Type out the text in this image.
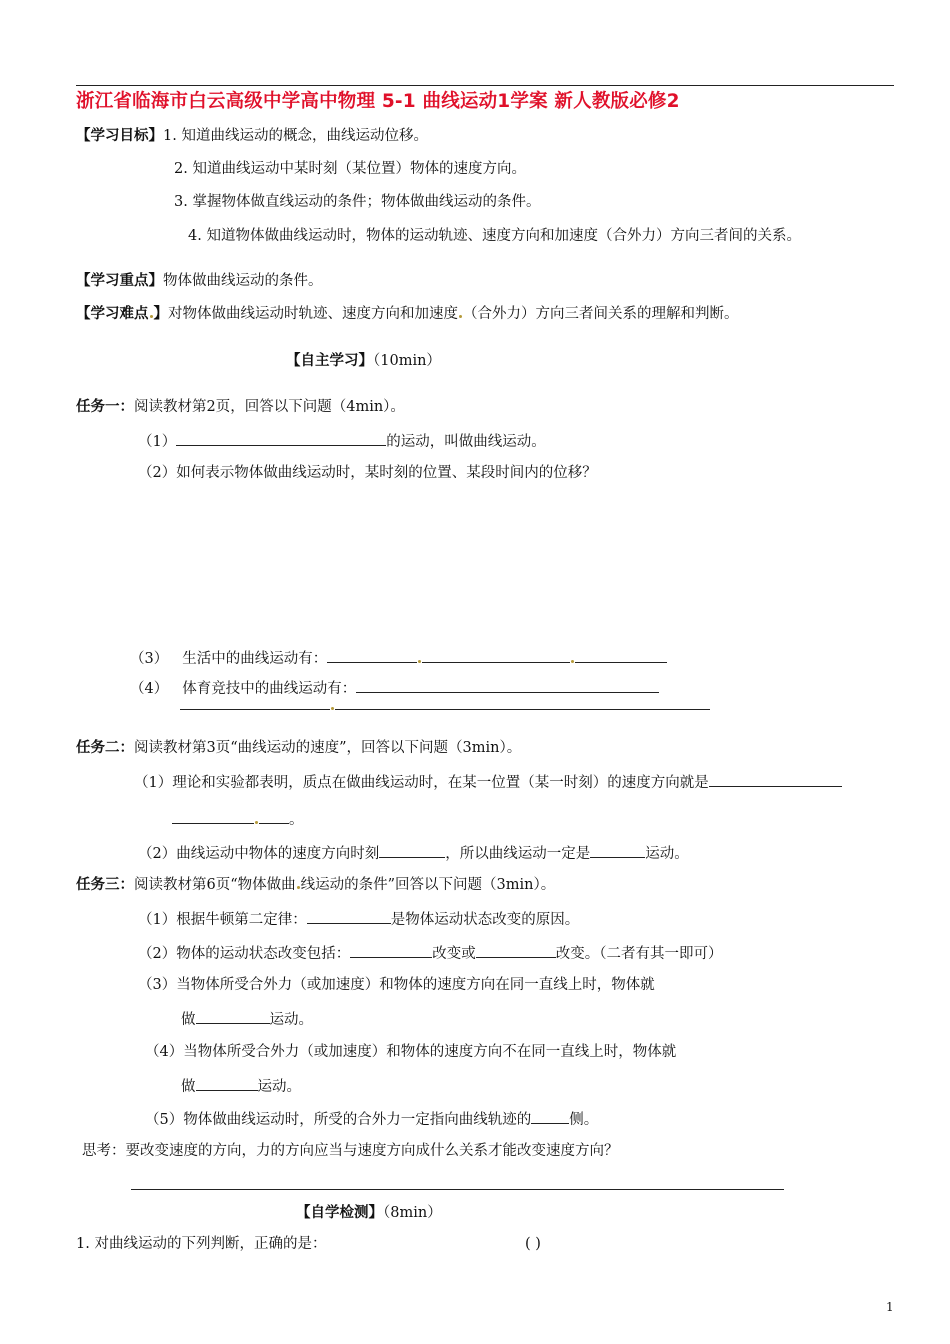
浙江省临海市白云高级中学高中物理 5-1 曲线运动1学案 新人教版必修2
【学习目标】1. 知道曲线运动的概念，曲线运动位移。
2. 知道曲线运动中某时刻（某位置）物体的速度方向。
3. 掌握物体做直线运动的条件；物体做曲线运动的条件。
4. 知道物体做曲线运动时，物体的运动轨迹、速度方向和加速度（合外力）方向三者间的关系。
【学习重点】物体做曲线运动的条件。
【学习难点 】对物体做曲线运动时轨迹、速度方向和加速度 （合外力）方向三者间关系的理解和判断。
【自主学习】（10min）
任务一：阅读教材第2页，回答以下问题（4min）。
（1）	的运动，叫做曲线运动。
（2）如何表示物体做曲线运动时，某时刻的位置、某段时间内的位移？
（3） 生活中的曲线运动有：
（4） 体育竞技中的曲线运动有：
任务二：阅读教材第3页“曲线运动的速度”，回答以下问题（3min）。
（1）理论和实验都表明，质点在做曲线运动时，在某一位置（某一时刻）的速度方向就是
。
（2）曲线运动中物体的速度方向时刻	，所以曲线运动一定是	运动。
任务三：阅读教材第6页“物体做曲 线运动的条件”回答以下问题（3min）。
（1）根据牛顿第二定律：	是物体运动状态改变的原因。
（2）物体的运动状态改变包括：	改变或	改变。（二者有其一即可）
（3）当物体所受合外力（或加速度）和物体的速度方向在同一直线上时，物体就
做	运动。
（4）当物体所受合外力（或加速度）和物体的速度方向不在同一直线上时，物体就
做	运动。
（5）物体做曲线运动时，所受的合外力一定指向曲线轨迹的	侧。
思考：要改变速度的方向，力的方向应当与速度方向成什么关系才能改变速度方向？
【自学检测】（8min）
1. 对曲线运动的下列判断，正确的是：	( )
1
